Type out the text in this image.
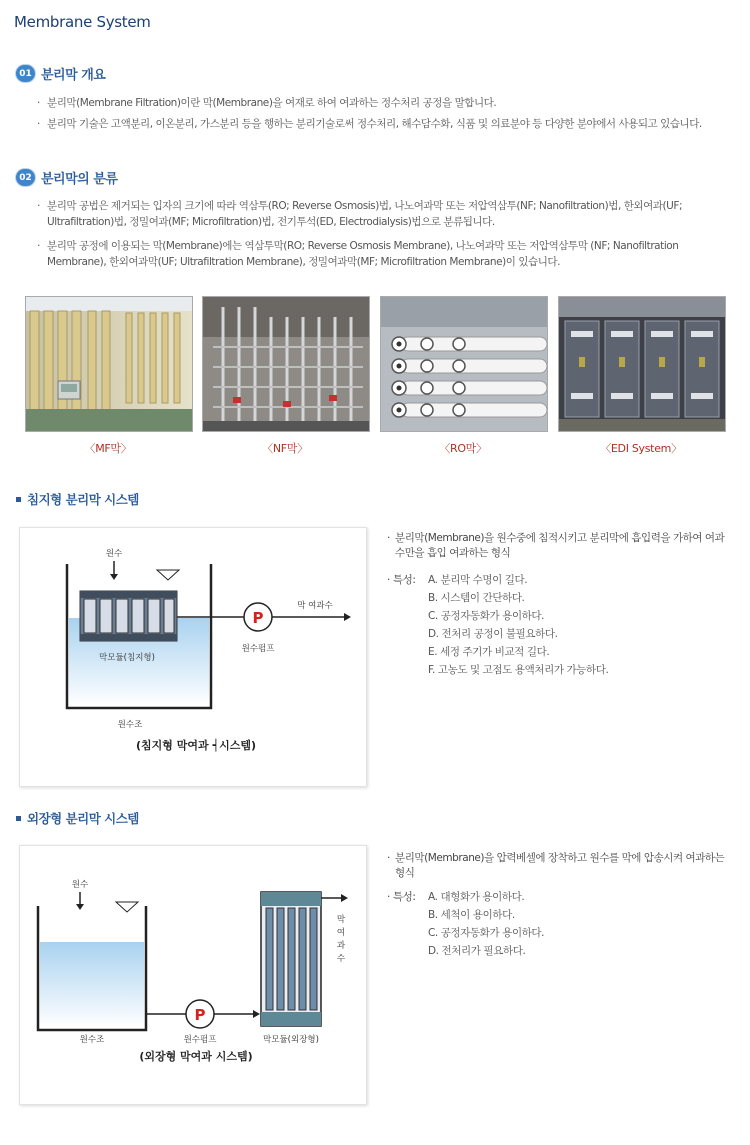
Membrane System
01 분리막 개요
· 분리막(Membrane Filtration)이란 막(Membrane)을 여재로 하여 여과하는 정수처리 공정을 말합니다.
· 분리막 기술은 고액분리, 이온분리, 가스분리 등을 행하는 분리기술로써 정수처리, 해수담수화, 식품 및 의료분야 등 다양한 분야에서 사용되고 있습니다.
02 분리막의 분류
· 분리막 공법은 제거되는 입자의 크기에 따라 역삼투(RO; Reverse Osmosis)법, 나노여과막 또는 저압역삼투(NF; Nanofiltration)법, 한외여과(UF; Ultrafiltration)법, 정밀여과(MF; Microfiltration)법, 전기투석(ED, Electrodialysis)법으로 분류됩니다.
· 분리막 공정에 이용되는 막(Membrane)에는 역삼투막(RO; Reverse Osmosis Membrane), 나노여과막 또는 저압역삼투막 (NF; Nanofiltration Membrane), 한외여과막(UF; Ultrafiltration Membrane), 정밀여과막(MF; Microfiltration Membrane)이 있습니다.
〈MF막〉	〈NF막〉	〈RO막〉	〈EDI System〉
침지형 분리막 시스템
P
원수
막모듈(침지형)
막 여과수
원수펌프
원수조
(침지형 막여과 ┥시스템)
· 분리막(Membrane)을 원수중에 침적시키고 분리막에 흡입력을 가하여 여과수만을 흡입 여과하는 형식
· 특성: A. 분리막 수명이 길다.
B. 시스템이 간단하다.
C. 공정자동화가 용이하다.
D. 전처리 공정이 불필요하다.
E. 세정 주기가 비교적 길다.
F. 고농도 및 고점도 용액처리가 가능하다.
외장형 분리막 시스템
P
원수
원수조	원수펌프	막모듈(외장형)
막
여
과
수
(외장형 막여과 시스템)
· 분리막(Membrane)을 압력베셀에 장착하고 원수를 막에 압송시켜 여과하는 형식
· 특성: A. 대형화가 용이하다.
B. 세척이 용이하다.
C. 공정자동화가 용이하다.
D. 전처리가 필요하다.
